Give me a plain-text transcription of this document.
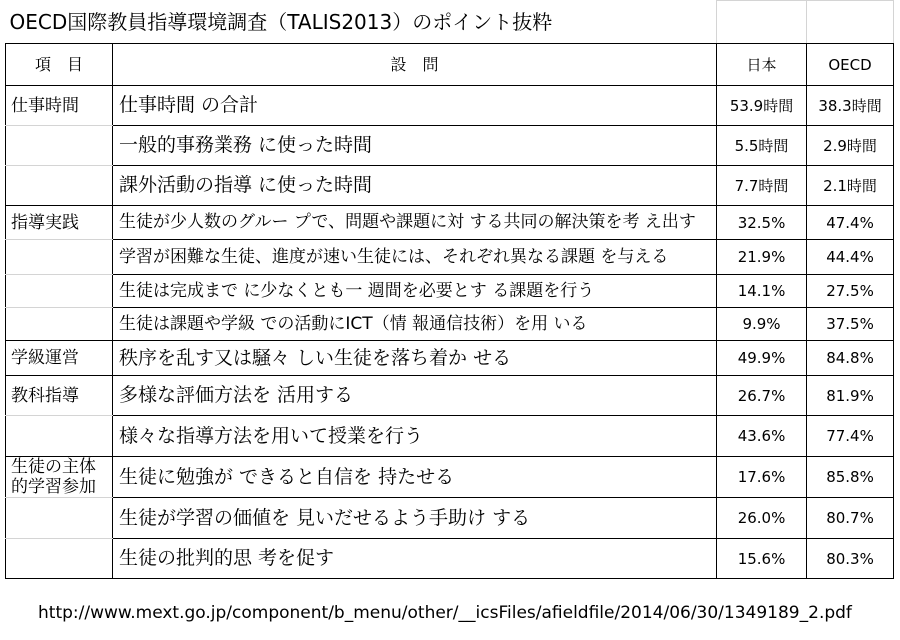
OECD国際教員指導環境調査（TALIS2013）のポイント抜粋			
項　目	設　問	日本	OECD

仕事時間	仕事時間 の合計	53.9時間	38.3時間
	一般的事務業務 に使った時間	5.5時間	2.9時間
	課外活動の指導 に使った時間	7.7時間	2.1時間

指導実践	生徒が少人数のグルー プで、問題や課題に対 する共同の解決策を考 え出す	32.5%	47.4%
	学習が困難な生徒、進度が速い生徒には、それぞれ異なる課題 を与える	21.9%	44.4%
	生徒は完成まで に少なくとも一 週間を必要とす る課題を行う	14.1%	27.5%
	生徒は課題や学級 での活動にICT（情 報通信技術）を用 いる	9.9%	37.5%

学級運営	秩序を乱す又は騒々 しい生徒を落ち着か せる	49.9%	84.8%

教科指導	多様な評価方法を 活用する	26.7%	81.9%
	様々な指導方法を用いて授業を行う	43.6%	77.4%

生徒の主体的学習参加	生徒に勉強が できると自信を 持たせる	17.6%	85.8%
	生徒が学習の価値を 見いだせるよう手助け する	26.0%	80.7%
	生徒の批判的思 考を促す	15.6%	80.3%
http://www.mext.go.jp/component/b_menu/other/__icsFiles/afieldfile/2014/06/30/1349189_2.pdf
